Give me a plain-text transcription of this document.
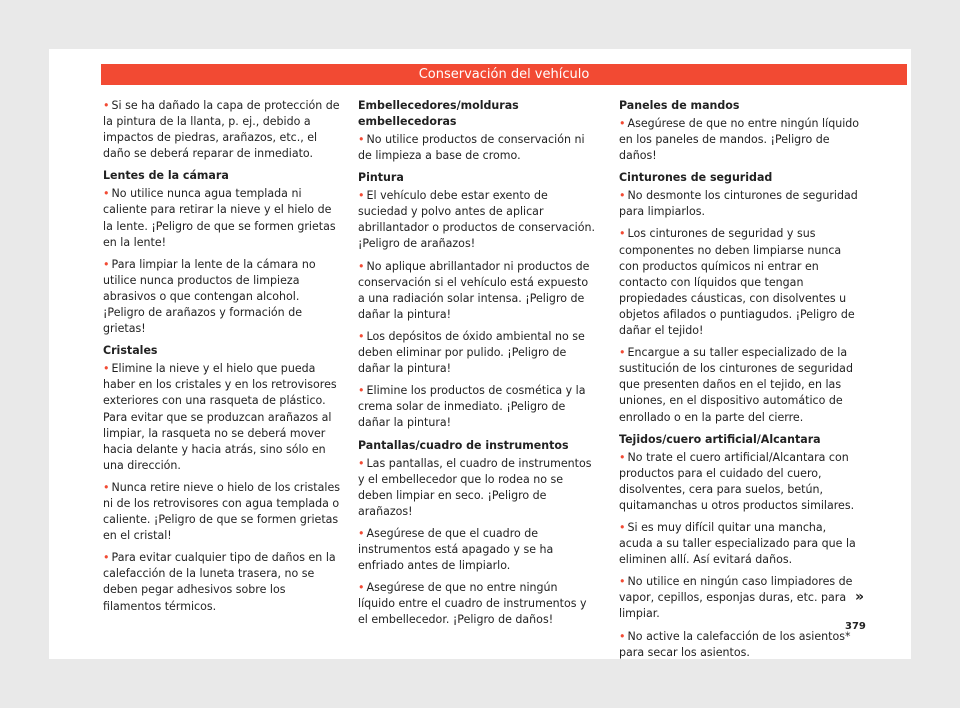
Conservación del vehículo

• Si se ha dañado la capa de protección de la pintura de la llanta, p. ej., debido a impactos de piedras, arañazos, etc., el daño se deberá reparar de inmediato.

Lentes de la cámara

• No utilice nunca agua templada ni caliente para retirar la nieve y el hielo de la lente. ¡Peligro de que se formen grietas en la lente!

• Para limpiar la lente de la cámara no utilice nunca productos de limpieza abrasivos o que contengan alcohol. ¡Peligro de arañazos y formación de grietas!

Cristales

• Elimine la nieve y el hielo que pueda haber en los cristales y en los retrovisores exteriores con una rasqueta de plástico. Para evitar que se produzcan arañazos al limpiar, la rasqueta no se deberá mover hacia delante y hacia atrás, sino sólo en una dirección.

• Nunca retire nieve o hielo de los cristales ni de los retrovisores con agua templada o caliente. ¡Peligro de que se formen grietas en el cristal!

• Para evitar cualquier tipo de daños en la calefacción de la luneta trasera, no se deben pegar adhesivos sobre los filamentos térmicos.

Embellecedores/molduras embellecedoras

• No utilice productos de conservación ni de limpieza a base de cromo.

Pintura

• El vehículo debe estar exento de suciedad y polvo antes de aplicar abrillantador o productos de conservación. ¡Peligro de arañazos!

• No aplique abrillantador ni productos de conservación si el vehículo está expuesto a una radiación solar intensa. ¡Peligro de dañar la pintura!

• Los depósitos de óxido ambiental no se deben eliminar por pulido. ¡Peligro de dañar la pintura!

• Elimine los productos de cosmética y la crema solar de inmediato. ¡Peligro de dañar la pintura!

Pantallas/cuadro de instrumentos

• Las pantallas, el cuadro de instrumentos y el embellecedor que lo rodea no se deben limpiar en seco. ¡Peligro de arañazos!

• Asegúrese de que el cuadro de instrumentos está apagado y se ha enfriado antes de limpiarlo.

• Asegúrese de que no entre ningún líquido entre el cuadro de instrumentos y el embellecedor. ¡Peligro de daños!

Paneles de mandos

• Asegúrese de que no entre ningún líquido en los paneles de mandos. ¡Peligro de daños!

Cinturones de seguridad

• No desmonte los cinturones de seguridad para limpiarlos.

• Los cinturones de seguridad y sus componentes no deben limpiarse nunca con productos químicos ni entrar en contacto con líquidos que tengan propiedades cáusticas, con disolventes u objetos afilados o puntiagudos. ¡Peligro de dañar el tejido!

• Encargue a su taller especializado de la sustitución de los cinturones de seguridad que presenten daños en el tejido, en las uniones, en el dispositivo automático de enrollado o en la parte del cierre.

Tejidos/cuero artificial/Alcantara

• No trate el cuero artificial/Alcantara con productos para el cuidado del cuero, disolventes, cera para suelos, betún, quitamanchas u otros productos similares.

• Si es muy difícil quitar una mancha, acuda a su taller especializado para que la eliminen allí. Así evitará daños.

• No utilice en ningún caso limpiadores de vapor, cepillos, esponjas duras, etc. para limpiar.

• No active la calefacción de los asientos* para secar los asientos.

»
379
